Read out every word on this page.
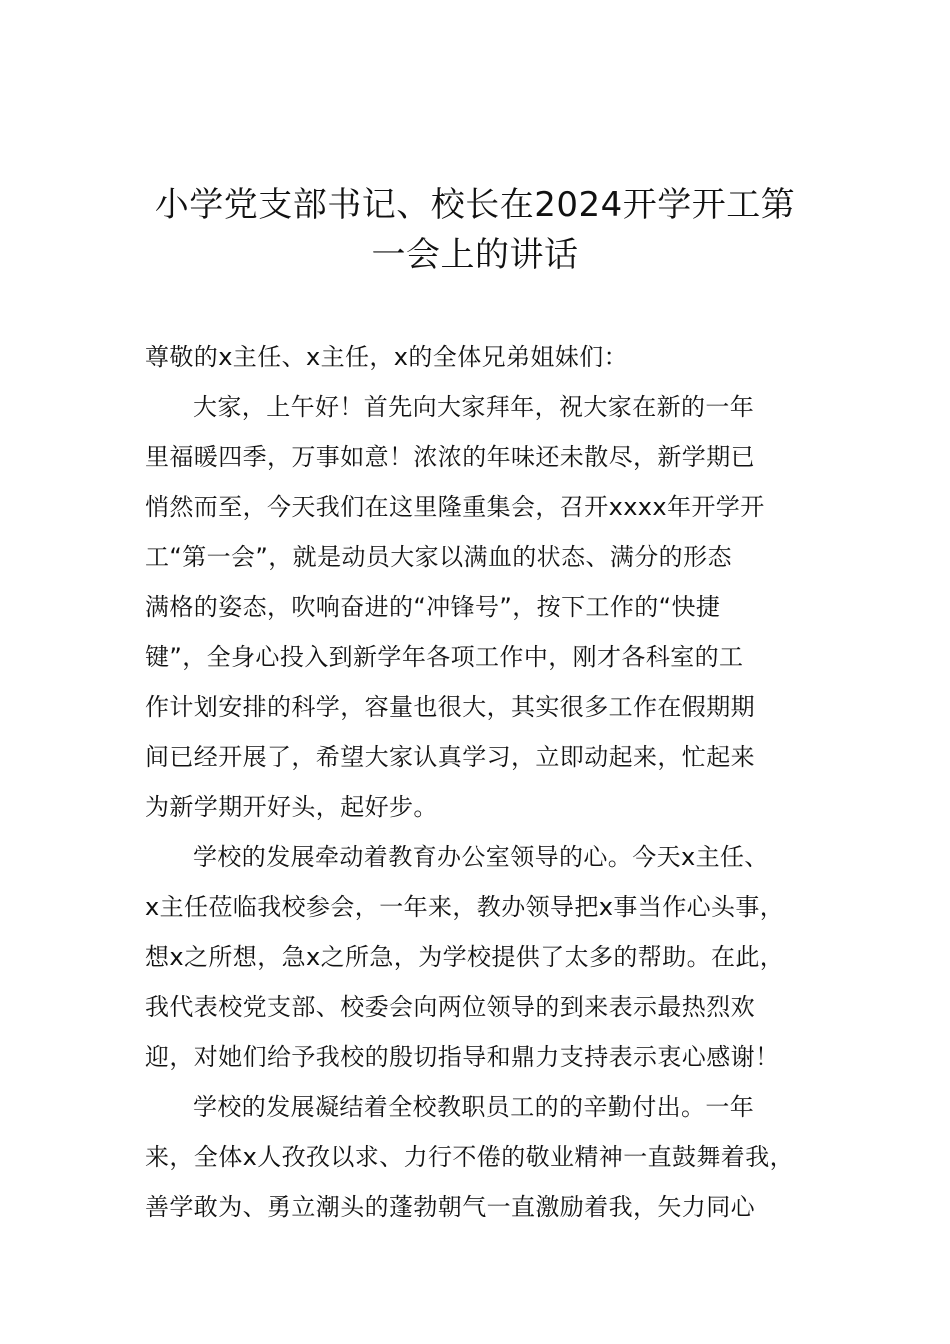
小学党支部书记、校长在2024开学开工第
一会上的讲话

尊敬的x主任、x主任，x的全体兄弟姐妹们：

大家，上午好！首先向大家拜年，祝大家在新的一年
里福暖四季，万事如意！浓浓的年味还未散尽，新学期已
悄然而至，今天我们在这里隆重集会，召开xxxx年开学开
工“第一会”，就是动员大家以满血的状态、满分的形态
满格的姿态，吹响奋进的“冲锋号”，按下工作的“快捷
键”，全身心投入到新学年各项工作中，刚才各科室的工
作计划安排的科学，容量也很大，其实很多工作在假期期
间已经开展了，希望大家认真学习，立即动起来，忙起来
为新学期开好头，起好步。

学校的发展牵动着教育办公室领导的心。今天x主任、
x主任莅临我校参会，一年来，教办领导把x事当作心头事，
想x之所想，急x之所急，为学校提供了太多的帮助。在此，
我代表校党支部、校委会向两位领导的到来表示最热烈欢
迎，对她们给予我校的殷切指导和鼎力支持表示衷心感谢！

学校的发展凝结着全校教职员工的的辛勤付出。一年
来，全体x人孜孜以求、力行不倦的敬业精神一直鼓舞着我，
善学敢为、勇立潮头的蓬勃朝气一直激励着我，矢力同心
